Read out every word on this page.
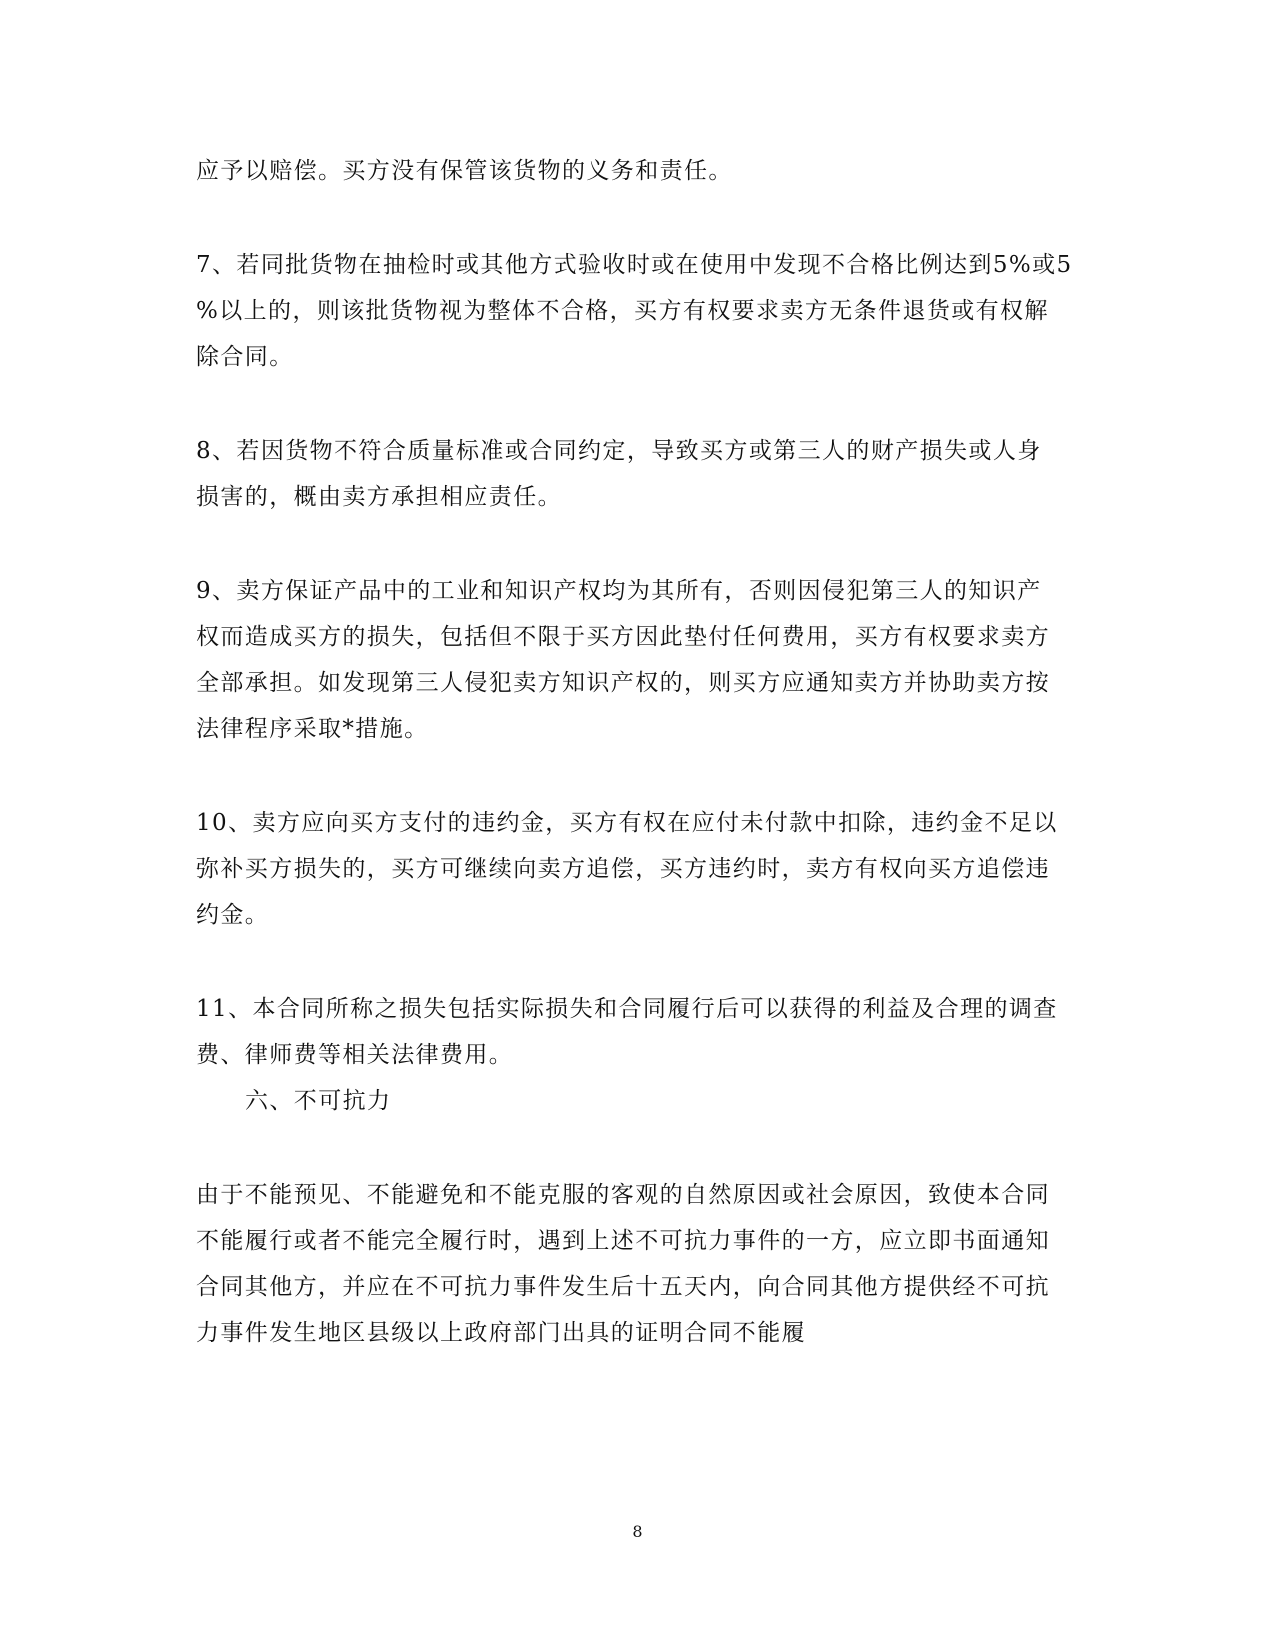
应予以赔偿。买方没有保管该货物的义务和责任。
7、若同批货物在抽检时或其他方式验收时或在使用中发现不合格比例达到5%或5
%以上的，则该批货物视为整体不合格，买方有权要求卖方无条件退货或有权解
除合同。
8、若因货物不符合质量标准或合同约定，导致买方或第三人的财产损失或人身
损害的，概由卖方承担相应责任。
9、卖方保证产品中的工业和知识产权均为其所有，否则因侵犯第三人的知识产
权而造成买方的损失，包括但不限于买方因此垫付任何费用，买方有权要求卖方
全部承担。如发现第三人侵犯卖方知识产权的，则买方应通知卖方并协助卖方按
法律程序采取*措施。
10、卖方应向买方支付的违约金，买方有权在应付未付款中扣除，违约金不足以
弥补买方损失的，买方可继续向卖方追偿，买方违约时，卖方有权向买方追偿违
约金。
11、本合同所称之损失包括实际损失和合同履行后可以获得的利益及合理的调查
费、律师费等相关法律费用。
六、不可抗力
由于不能预见、不能避免和不能克服的客观的自然原因或社会原因，致使本合同
不能履行或者不能完全履行时，遇到上述不可抗力事件的一方，应立即书面通知
合同其他方，并应在不可抗力事件发生后十五天内，向合同其他方提供经不可抗
力事件发生地区县级以上政府部门出具的证明合同不能履
8
